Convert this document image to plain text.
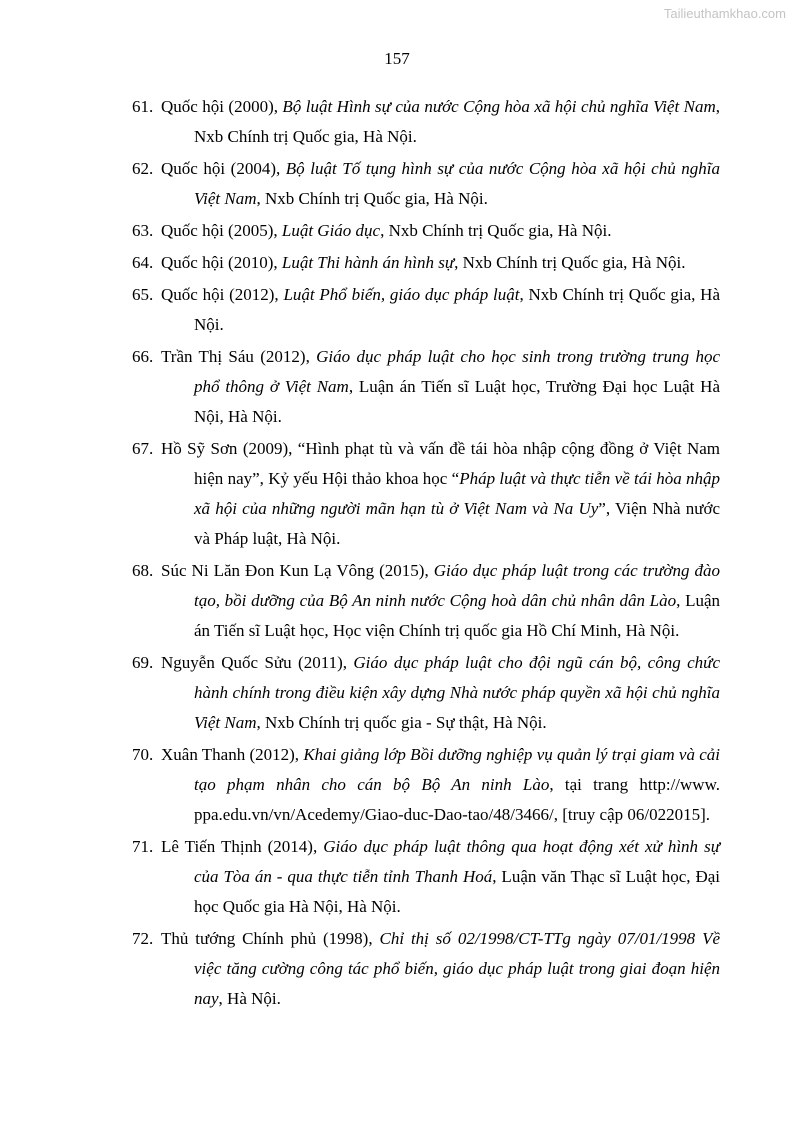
Tailieuthamkhao.com
157
61. Quốc hội (2000), Bộ luật Hình sự của nước Cộng hòa xã hội chủ nghĩa Việt Nam, Nxb Chính trị Quốc gia, Hà Nội.
62. Quốc hội (2004), Bộ luật Tố tụng hình sự của nước Cộng hòa xã hội chủ nghĩa Việt Nam, Nxb Chính trị Quốc gia, Hà Nội.
63. Quốc hội (2005), Luật Giáo dục, Nxb Chính trị Quốc gia, Hà Nội.
64. Quốc hội (2010), Luật Thi hành án hình sự, Nxb Chính trị Quốc gia, Hà Nội.
65. Quốc hội (2012), Luật Phổ biến, giáo dục pháp luật, Nxb Chính trị Quốc gia, Hà Nội.
66. Trần Thị Sáu (2012), Giáo dục pháp luật cho học sinh trong trường trung học phổ thông ở Việt Nam, Luận án Tiến sĩ Luật học, Trường Đại học Luật Hà Nội, Hà Nội.
67. Hồ Sỹ Sơn (2009), “Hình phạt tù và vấn đề tái hòa nhập cộng đồng ở Việt Nam hiện nay”, Kỷ yếu Hội thảo khoa học “Pháp luật và thực tiễn về tái hòa nhập xã hội của những người mãn hạn tù ở Việt Nam và Na Uy”, Viện Nhà nước và Pháp luật, Hà Nội.
68. Súc Ni Lăn Đon Kun Lạ Vông (2015), Giáo dục pháp luật trong các trường đào tạo, bồi dưỡng của Bộ An ninh nước Cộng hoà dân chủ nhân dân Lào, Luận án Tiến sĩ Luật học, Học viện Chính trị quốc gia Hồ Chí Minh, Hà Nội.
69. Nguyễn Quốc Sửu (2011), Giáo dục pháp luật cho đội ngũ cán bộ, công chức hành chính trong điều kiện xây dựng Nhà nước pháp quyền xã hội chủ nghĩa Việt Nam, Nxb Chính trị quốc gia - Sự thật, Hà Nội.
70. Xuân Thanh (2012), Khai giảng lớp Bồi dưỡng nghiệp vụ quản lý trại giam và cải tạo phạm nhân cho cán bộ Bộ An ninh Lào, tại trang http://www. ppa.edu.vn/vn/Acedemy/Giao-duc-Dao-tao/48/3466/, [truy cập 06/022015].
71. Lê Tiến Thịnh (2014), Giáo dục pháp luật thông qua hoạt động xét xử hình sự của Tòa án - qua thực tiễn tỉnh Thanh Hoá, Luận văn Thạc sĩ Luật học, Đại học Quốc gia Hà Nội, Hà Nội.
72. Thủ tướng Chính phủ (1998), Chỉ thị số 02/1998/CT-TTg ngày 07/01/1998 Về việc tăng cường công tác phổ biến, giáo dục pháp luật trong giai đoạn hiện nay, Hà Nội.
